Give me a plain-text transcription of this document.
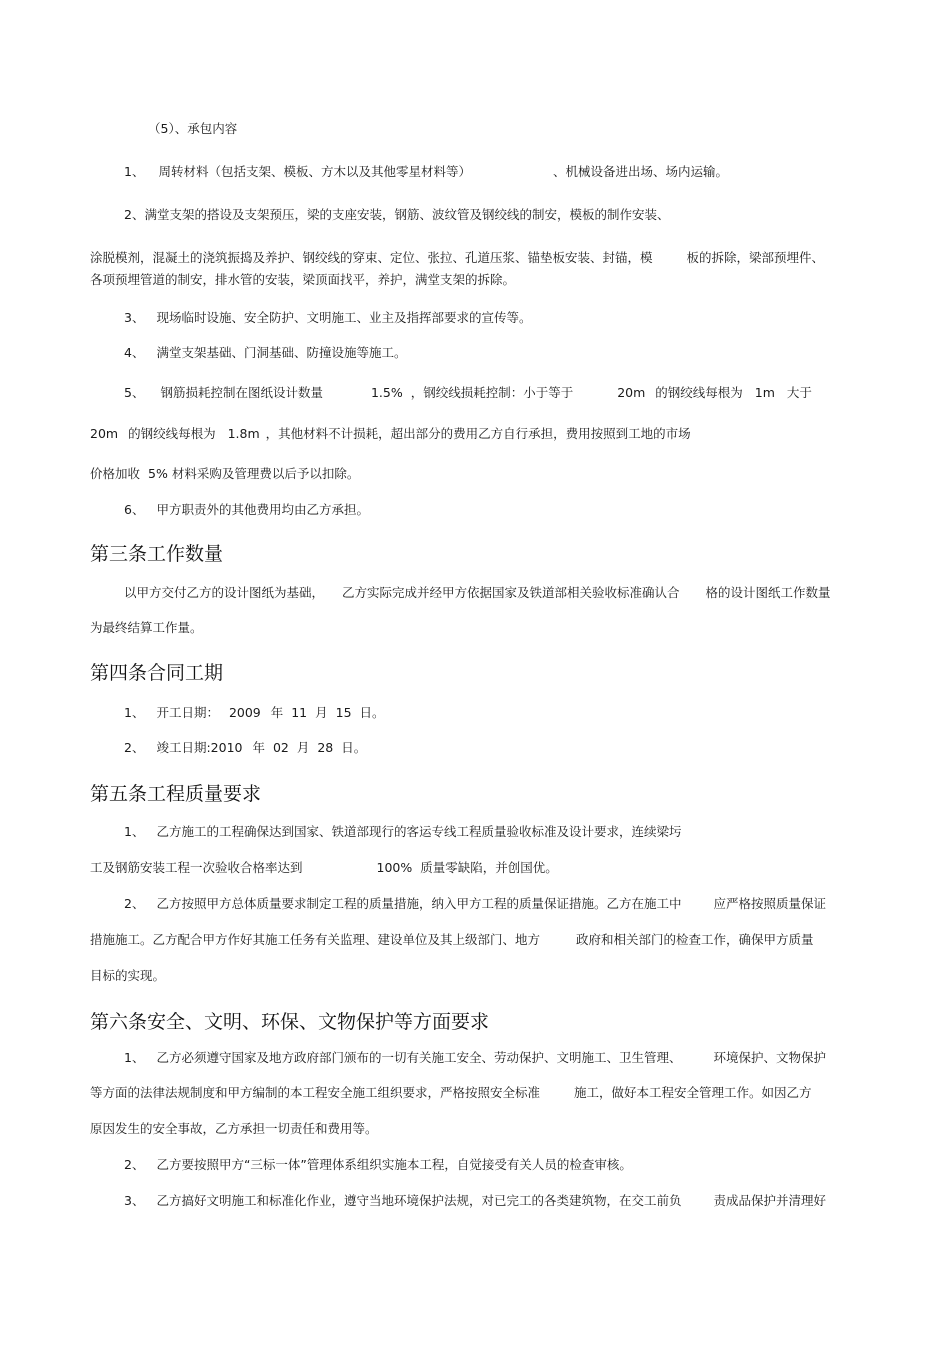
（5）、承包内容
1、 周转材料（包括支架、模板、方木以及其他零星材料等）	、机械设备进出场、场内运输。
2、满堂支架的搭设及支架预压，梁的支座安装，钢筋、波纹管及钢绞线的制安，模板的制作安装、
涂脱模剂，混凝土的浇筑振捣及养护、钢绞线的穿束、定位、张拉、孔道压浆、锚垫板安装、封锚，模	板的拆除，梁部预埋件、
各项预埋管道的制安，排水管的安装，梁顶面找平，养护，满堂支架的拆除。
3、 现场临时设施、安全防护、文明施工、业主及指挥部要求的宣传等。
4、 满堂支架基础、门洞基础、防撞设施等施工。
5、 钢筋损耗控制在图纸设计数量	1.5% ，钢绞线损耗控制：小于等于	20m 的钢绞线每根为 1m 大于
20m 的钢绞线每根为 1.8m ，其他材料不计损耗，超出部分的费用乙方自行承担，费用按照到工地的市场
价格加收 5% 材料采购及管理费以后予以扣除。
6、 甲方职责外的其他费用均由乙方承担。
第三条工作数量
以甲方交付乙方的设计图纸为基础， 乙方实际完成并经甲方依据国家及铁道部相关验收标准确认合 格的设计图纸工作数量
为最终结算工作量。
第四条合同工期
1、 开工日期： 2009 年 11 月 15 日。
2、 竣工日期:2010 年 02 月 28 日。
第五条工程质量要求
1、 乙方施工的工程确保达到国家、铁道部现行的客运专线工程质量验收标准及设计要求，连续梁圬
工及钢筋安装工程一次验收合格率达到	100% 质量零缺陷，并创国优。
2、 乙方按照甲方总体质量要求制定工程的质量措施，纳入甲方工程的质量保证措施。乙方在施工中	应严格按照质量保证
措施施工。乙方配合甲方作好其施工任务有关监理、建设单位及其上级部门、地方	政府和相关部门的检查工作，确保甲方质量
目标的实现。
第六条安全、文明、环保、文物保护等方面要求
1、 乙方必须遵守国家及地方政府部门颁布的一切有关施工安全、劳动保护、文明施工、卫生管理、	环境保护、文物保护
等方面的法律法规制度和甲方编制的本工程安全施工组织要求，严格按照安全标准	施工，做好本工程安全管理工作。如因乙方
原因发生的安全事故，乙方承担一切责任和费用等。
2、 乙方要按照甲方“三标一体”管理体系组织实施本工程，自觉接受有关人员的检查审核。
3、 乙方搞好文明施工和标准化作业，遵守当地环境保护法规，对已完工的各类建筑物，在交工前负	责成品保护并清理好
